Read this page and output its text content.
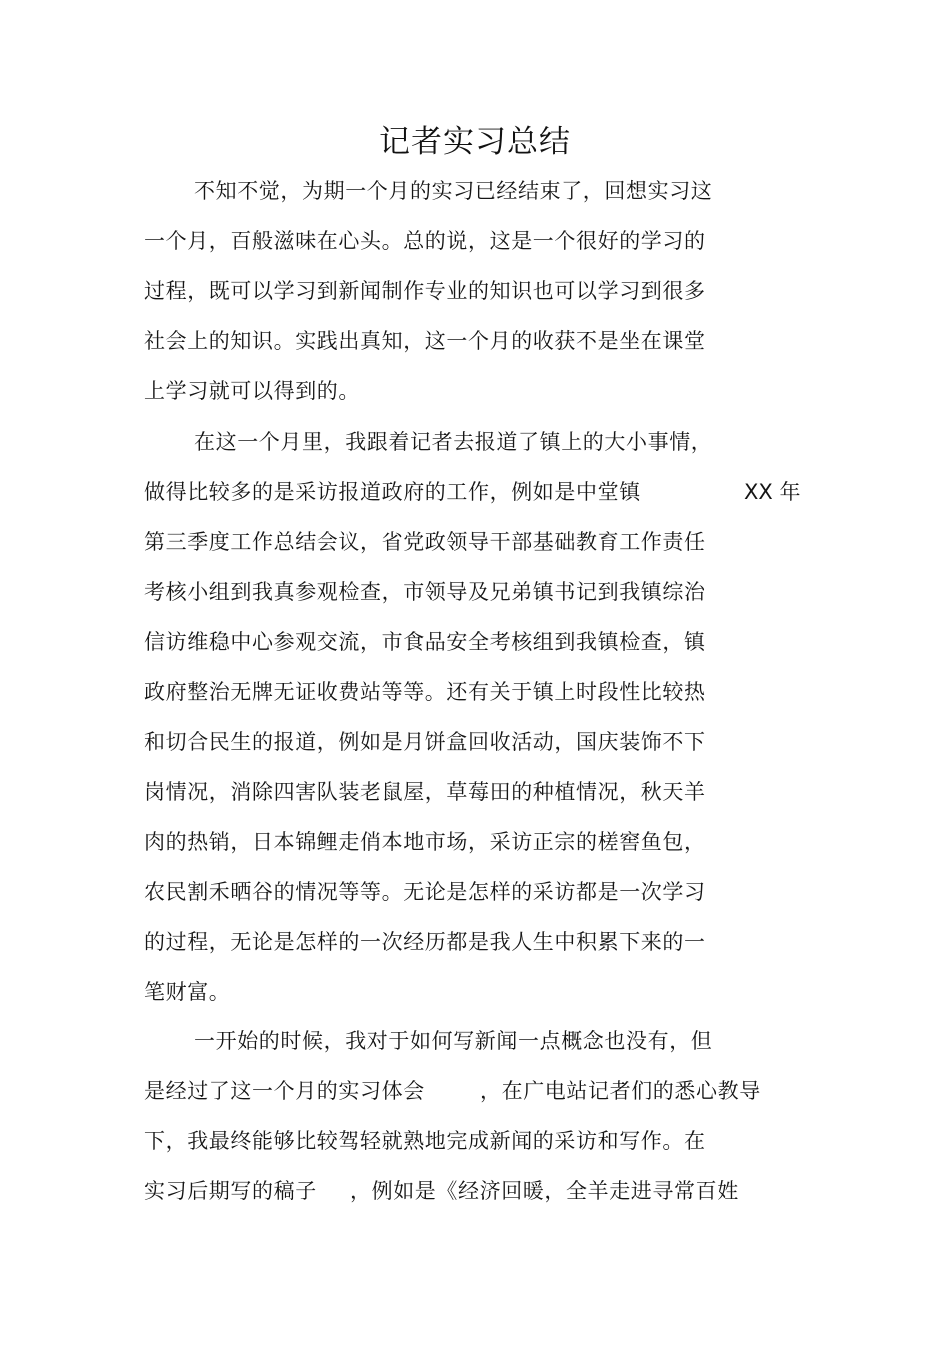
记者实习总结
不知不觉，为期一个月的实习已经结束了，回想实习这
一个月，百般滋味在心头。总的说，这是一个很好的学习的
过程，既可以学习到新闻制作专业的知识也可以学习到很多
社会上的知识。实践出真知，这一个月的收获不是坐在课堂
上学习就可以得到的。
在这一个月里，我跟着记者去报道了镇上的大小事情，
做得比较多的是采访报道政府的工作，例如是中堂镇	XX 年
第三季度工作总结会议，省党政领导干部基础教育工作责任
考核小组到我真参观检查，市领导及兄弟镇书记到我镇综治
信访维稳中心参观交流，市食品安全考核组到我镇检查，镇
政府整治无牌无证收费站等等。还有关于镇上时段性比较热
和切合民生的报道，例如是月饼盒回收活动，国庆装饰不下
岗情况，消除四害队装老鼠屋，草莓田的种植情况，秋天羊
肉的热销，日本锦鲤走俏本地市场，采访正宗的槎窖鱼包，
农民割禾晒谷的情况等等。无论是怎样的采访都是一次学习
的过程，无论是怎样的一次经历都是我人生中积累下来的一
笔财富。
一开始的时候，我对于如何写新闻一点概念也没有，但
是经过了这一个月的实习体会	，在广电站记者们的悉心教导
下，我最终能够比较驾轻就熟地完成新闻的采访和写作。在
实习后期写的稿子 ，例如是《经济回暖，全羊走进寻常百姓
